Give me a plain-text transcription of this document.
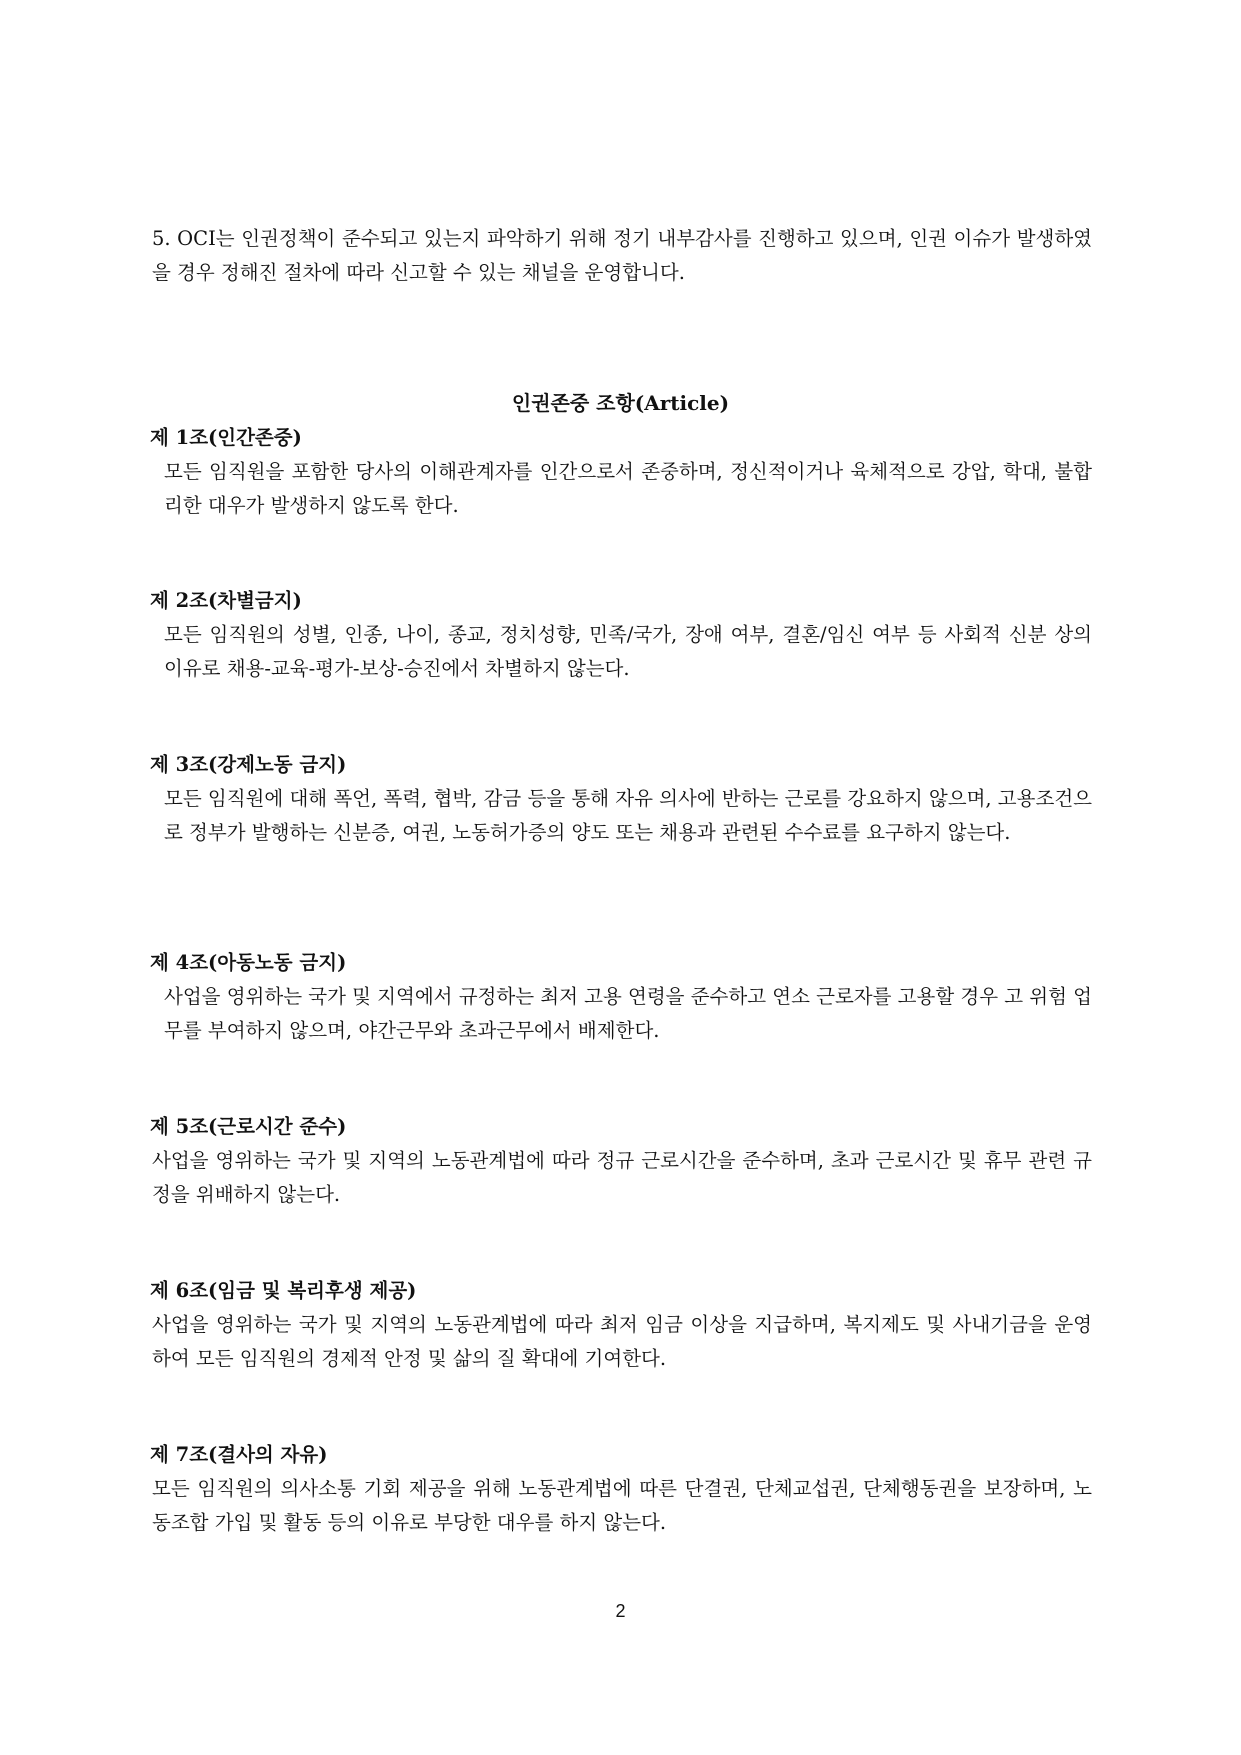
5. OCI는 인권정책이 준수되고 있는지 파악하기 위해 정기 내부감사를 진행하고 있으며, 인권 이슈가 발생하였을 경우 정해진 절차에 따라 신고할 수 있는 채널을 운영합니다.

인권존중 조항(Article)
제 1조(인간존중)
모든 임직원을 포함한 당사의 이해관계자를 인간으로서 존중하며, 정신적이거나 육체적으로 강압, 학대, 불합리한 대우가 발생하지 않도록 한다.
제 2조(차별금지)
모든 임직원의 성별, 인종, 나이, 종교, 정치성향, 민족/국가, 장애 여부, 결혼/임신 여부 등 사회적 신분 상의 이유로 채용-교육-평가-보상-승진에서 차별하지 않는다.
제 3조(강제노동 금지)
모든 임직원에 대해 폭언, 폭력, 협박, 감금 등을 통해 자유 의사에 반하는 근로를 강요하지 않으며, 고용조건으로 정부가 발행하는 신분증, 여권, 노동허가증의 양도 또는 채용과 관련된 수수료를 요구하지 않는다.
제 4조(아동노동 금지)
사업을 영위하는 국가 및 지역에서 규정하는 최저 고용 연령을 준수하고 연소 근로자를 고용할 경우 고 위험 업무를 부여하지 않으며, 야간근무와 초과근무에서 배제한다.
제 5조(근로시간 준수)
사업을 영위하는 국가 및 지역의 노동관계법에 따라 정규 근로시간을 준수하며, 초과 근로시간 및 휴무 관련 규정을 위배하지 않는다.
제 6조(임금 및 복리후생 제공)
사업을 영위하는 국가 및 지역의 노동관계법에 따라 최저 임금 이상을 지급하며, 복지제도 및 사내기금을 운영하여 모든 임직원의 경제적 안정 및 삶의 질 확대에 기여한다.
제 7조(결사의 자유)
모든 임직원의 의사소통 기회 제공을 위해 노동관계법에 따른 단결권, 단체교섭권, 단체행동권을 보장하며, 노동조합 가입 및 활동 등의 이유로 부당한 대우를 하지 않는다.
2
